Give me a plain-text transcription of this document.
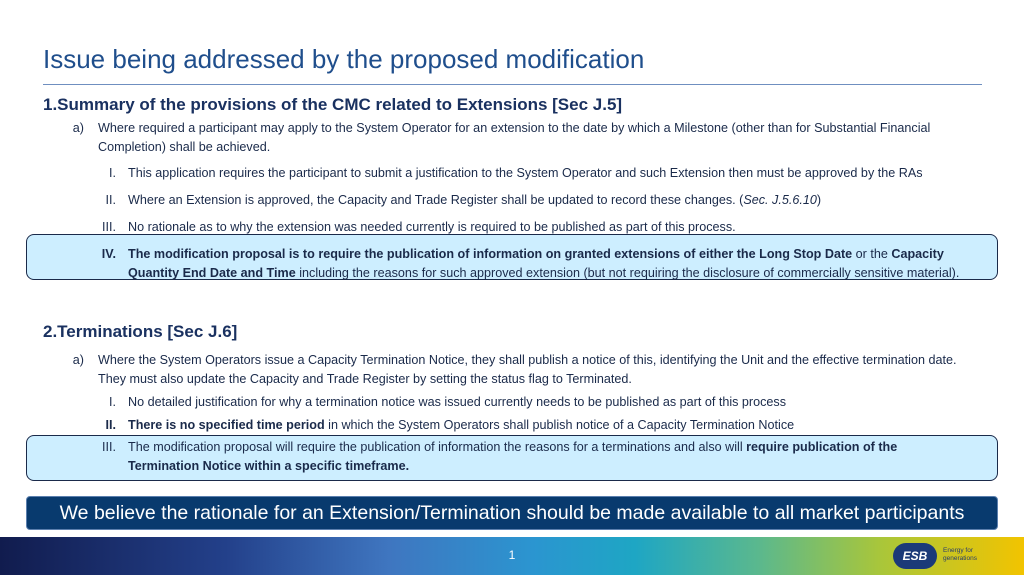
Issue being addressed by the proposed modification
1.Summary of the provisions of the CMC related to Extensions [Sec J.5]
a) Where required a participant may apply to the System Operator for an extension to the date by which a Milestone (other than for Substantial Financial Completion) shall be achieved.
I. This application requires the participant to submit a justification to the System Operator and such Extension then must be approved by the RAs
II. Where an Extension is approved, the Capacity and Trade Register shall be updated to record these changes. (Sec. J.5.6.10)
III. No rationale as to why the extension was needed currently is required to be published as part of this process.
IV. The modification proposal is to require the publication of information on granted extensions of either the Long Stop Date or the Capacity Quantity End Date and Time including the reasons for such approved extension (but not requiring the disclosure of commercially sensitive material).
2.Terminations [Sec J.6]
a) Where the System Operators issue a Capacity Termination Notice, they shall publish a notice of this, identifying the Unit and the effective termination date. They must also update the Capacity and Trade Register by setting the status flag to Terminated.
I. No detailed justification for why a termination notice was issued currently needs to be published as part of this process
II. There is no specified time period in which the System Operators shall publish notice of a Capacity Termination Notice
III. The modification proposal will require the publication of information the reasons for a terminations and also will require publication of the Termination Notice within a specific timeframe.
We believe the rationale for an Extension/Termination should be made available to all market participants
1	ESB	Energy for generations
